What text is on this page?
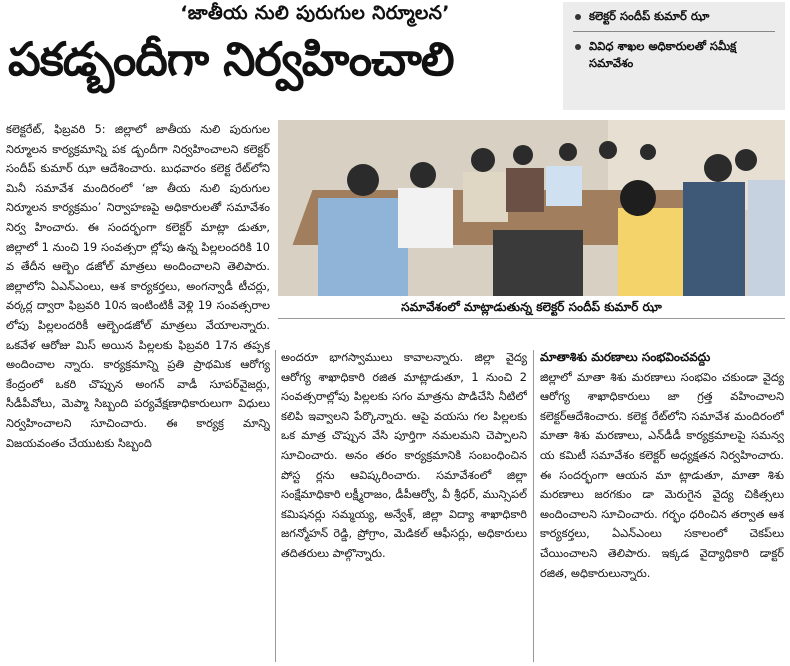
‘జాతీయ నులి పురుగుల నిర్మూలన’
పకడ్బందీగా నిర్వహించాలి
కలెక్టర్ సందీప్ కుమార్ ఝా
వివిధ శాఖల అధికారులతో సమీక్ష సమావేశం
కలెక్టరేట్, ఫిబ్రవరి 5: జిల్లాలో జాతీయ నులి పురుగుల నిర్మూలన కార్యక్రమాన్ని పక డ్బందీగా నిర్వహించాలని కలెక్టర్ సందీప్ కుమార్ ఝా ఆదేశించారు. బుధవారం కలెక్ట రేట్‌లోని మినీ సమావేశ మందిరంలో ‘జా తీయ నులి పురుగుల నిర్మూలన కార్యక్రమం’ నిర్వాహణపై అధికారులతో సమావేశం నిర్వ హించారు. ఈ సందర్భంగా కలెక్టర్ మాట్లా డుతూ, జిల్లాలో 1 నుంచి 19 సంవత్సరా ల్లోపు ఉన్న పిల్లలందరికి 10 వ తేదీన ఆల్బెం డజోల్ మాత్రలు అందించాలని తెలిపారు. జిల్లాలోని ఏఎన్ఎంలు, ఆశ కార్యకర్తలు, అంగన్వాడీ టీచర్లు, వర్కర్ల ద్వారా ఫిబ్రవరి 10న ఇంటింటికీ వెళ్లి 19 సంవత్సరాల లోపు పిల్లలందరికీ ఆల్బెండజోల్ మాత్రలు వేయాలన్నారు. ఒకవేళ ఆరోజు మిస్ అయిన పిల్లలకు ఫిబ్రవరి 17న తప్పక అందించాల న్నారు. కార్యక్రమాన్ని ప్రతి ప్రాథమిక ఆరోగ్య కేంద్రంలో ఒకరి చొప్పున అంగన్ వాడీ సూపర్‌వైజర్లు, సీడీపీవోలు, మెప్మా సిబ్బంది పర్యవేక్షణాధికారులుగా విధులు నిర్వహించాలని సూచించారు. ఈ కార్యక్ర మాన్ని విజయవంతం చేయుటకు సిబ్బంది
సమావేశంలో మాట్లాడుతున్న కలెక్టర్ సందీప్ కుమార్ ఝా
అందరూ భాగస్వాములు కావాలన్నారు. జిల్లా వైద్య ఆరోగ్య శాఖాధికారి రజిత మాట్లాడుతూ, 1 నుంచి 2 సంవత్సరాల్లోపు పిల్లలకు సగం మాత్రను పొడిచేసి నీటిలో కలిపి ఇవ్వాలని పేర్కొన్నారు. ఆపై వయసు గల పిల్లలకు ఒక మాత్ర చొప్పున వేసి పూర్తిగా నమలమని చెప్పాలని సూచించారు. అనం తరం కార్యక్రమానికి సంబంధించిన పోస్ట ర్లను ఆవిష్కరించారు. సమావేశంలో జిల్లా సంక్షేమాధికారి లక్ష్మీరాజం, డీపీఆర్వో, వీ శ్రీధర్, మున్సిపల్ కమిషనర్లు సమ్మయ్య, అన్వేశ్, జిల్లా విద్యా శాఖాధికారి జగన్మోహన్ రెడ్డి, ప్రోగ్రాం, మెడికల్ ఆఫీసర్లు, అధికారులు తదితరులు పాల్గొన్నారు.
మాతాశిశు మరణాలు సంభవించవద్దు
జిల్లాలో మాతా శిశు మరణాలు సంభవిం చకుండా వైద్య ఆరోగ్య శాఖాధికారులు జా గ్రత్త వహించాలని కలెక్టర్ఆదేశించారు. కలెక్ట రేట్‌లోని సమావేశ మందిరంలో మాతా శిశు మరణాలు, ఎన్‌డీడీ కార్యక్రమాలపై సమన్వ య కమిటీ సమావేశం కలెక్టర్ అధ్యక్షతన నిర్వహించారు. ఈ సందర్భంగా ఆయన మా ట్లాడుతూ, మాతా శిశు మరణాలు జరగకుం డా మెరుగైన వైద్య చికిత్సలు అందించాలని సూచించారు. గర్భం ధరించిన తర్వాత ఆశ కార్యకర్తలు, ఏఎన్ఎంలు సకాలంలో చెకప్‌లు చేయించాలని తెలిపారు. ఇక్కడ వైద్యాధికారి డాక్టర్ రజిత, అధికారులున్నారు.
